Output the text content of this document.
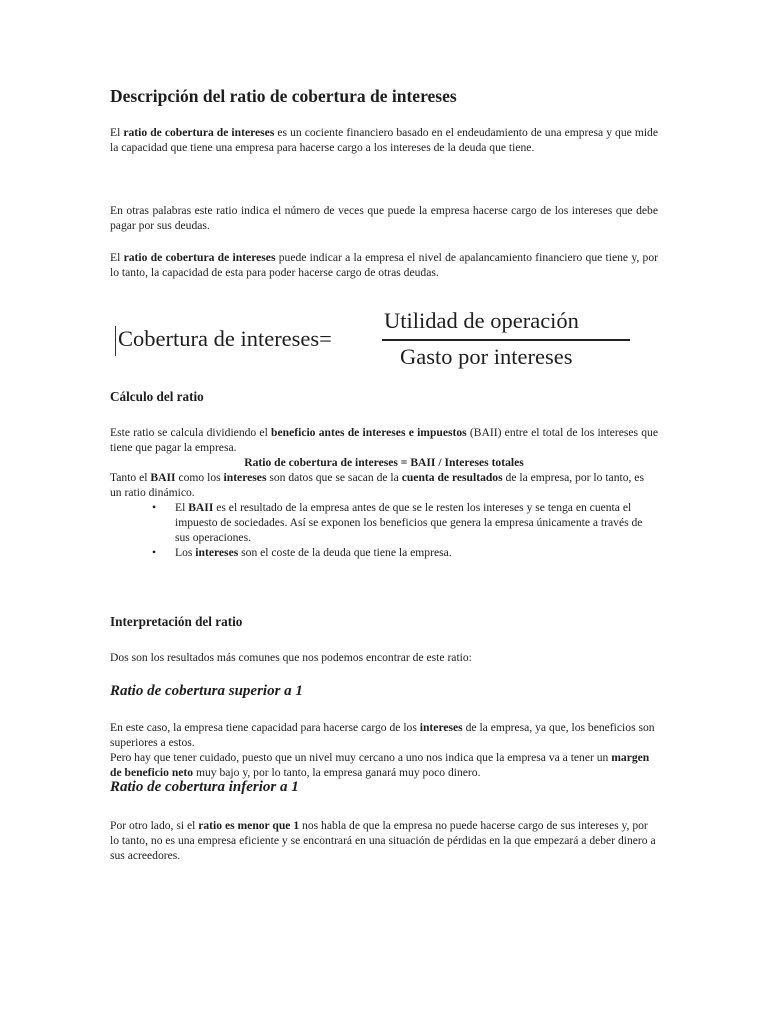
Descripción del ratio de cobertura de intereses

El ratio de cobertura de intereses es un cociente financiero basado en el endeudamiento de una empresa y que mide la capacidad que tiene una empresa para hacerse cargo a los intereses de la deuda que tiene.

En otras palabras este ratio indica el número de veces que puede la empresa hacerse cargo de los intereses que debe pagar por sus deudas.

El ratio de cobertura de intereses puede indicar a la empresa el nivel de apalancamiento financiero que tiene y, por lo tanto, la capacidad de esta para poder hacerse cargo de otras deudas.

Cobertura de intereses=
Utilidad de operación
Gasto por intereses
Cálculo del ratio

Este ratio se calcula dividiendo el beneficio antes de intereses e impuestos (BAII) entre el total de los intereses que tiene que pagar la empresa.

Ratio de cobertura de intereses = BAII / Intereses totales

Tanto el BAII como los intereses son datos que se sacan de la cuenta de resultados de la empresa, por lo tanto, es un ratio dinámico.

• El BAII es el resultado de la empresa antes de que se le resten los intereses y se tenga en cuenta el impuesto de sociedades. Así se exponen los beneficios que genera la empresa únicamente a través de sus operaciones.
• Los intereses son el coste de la deuda que tiene la empresa.
Interpretación del ratio

Dos son los resultados más comunes que nos podemos encontrar de este ratio:

Ratio de cobertura superior a 1

En este caso, la empresa tiene capacidad para hacerse cargo de los intereses de la empresa, ya que, los beneficios son superiores a estos.

Pero hay que tener cuidado, puesto que un nivel muy cercano a uno nos indica que la empresa va a tener un margen de beneficio neto muy bajo y, por lo tanto, la empresa ganará muy poco dinero.

Ratio de cobertura inferior a 1

Por otro lado, si el ratio es menor que 1 nos habla de que la empresa no puede hacerse cargo de sus intereses y, por lo tanto, no es una empresa eficiente y se encontrará en una situación de pérdidas en la que empezará a deber dinero a sus acreedores.
